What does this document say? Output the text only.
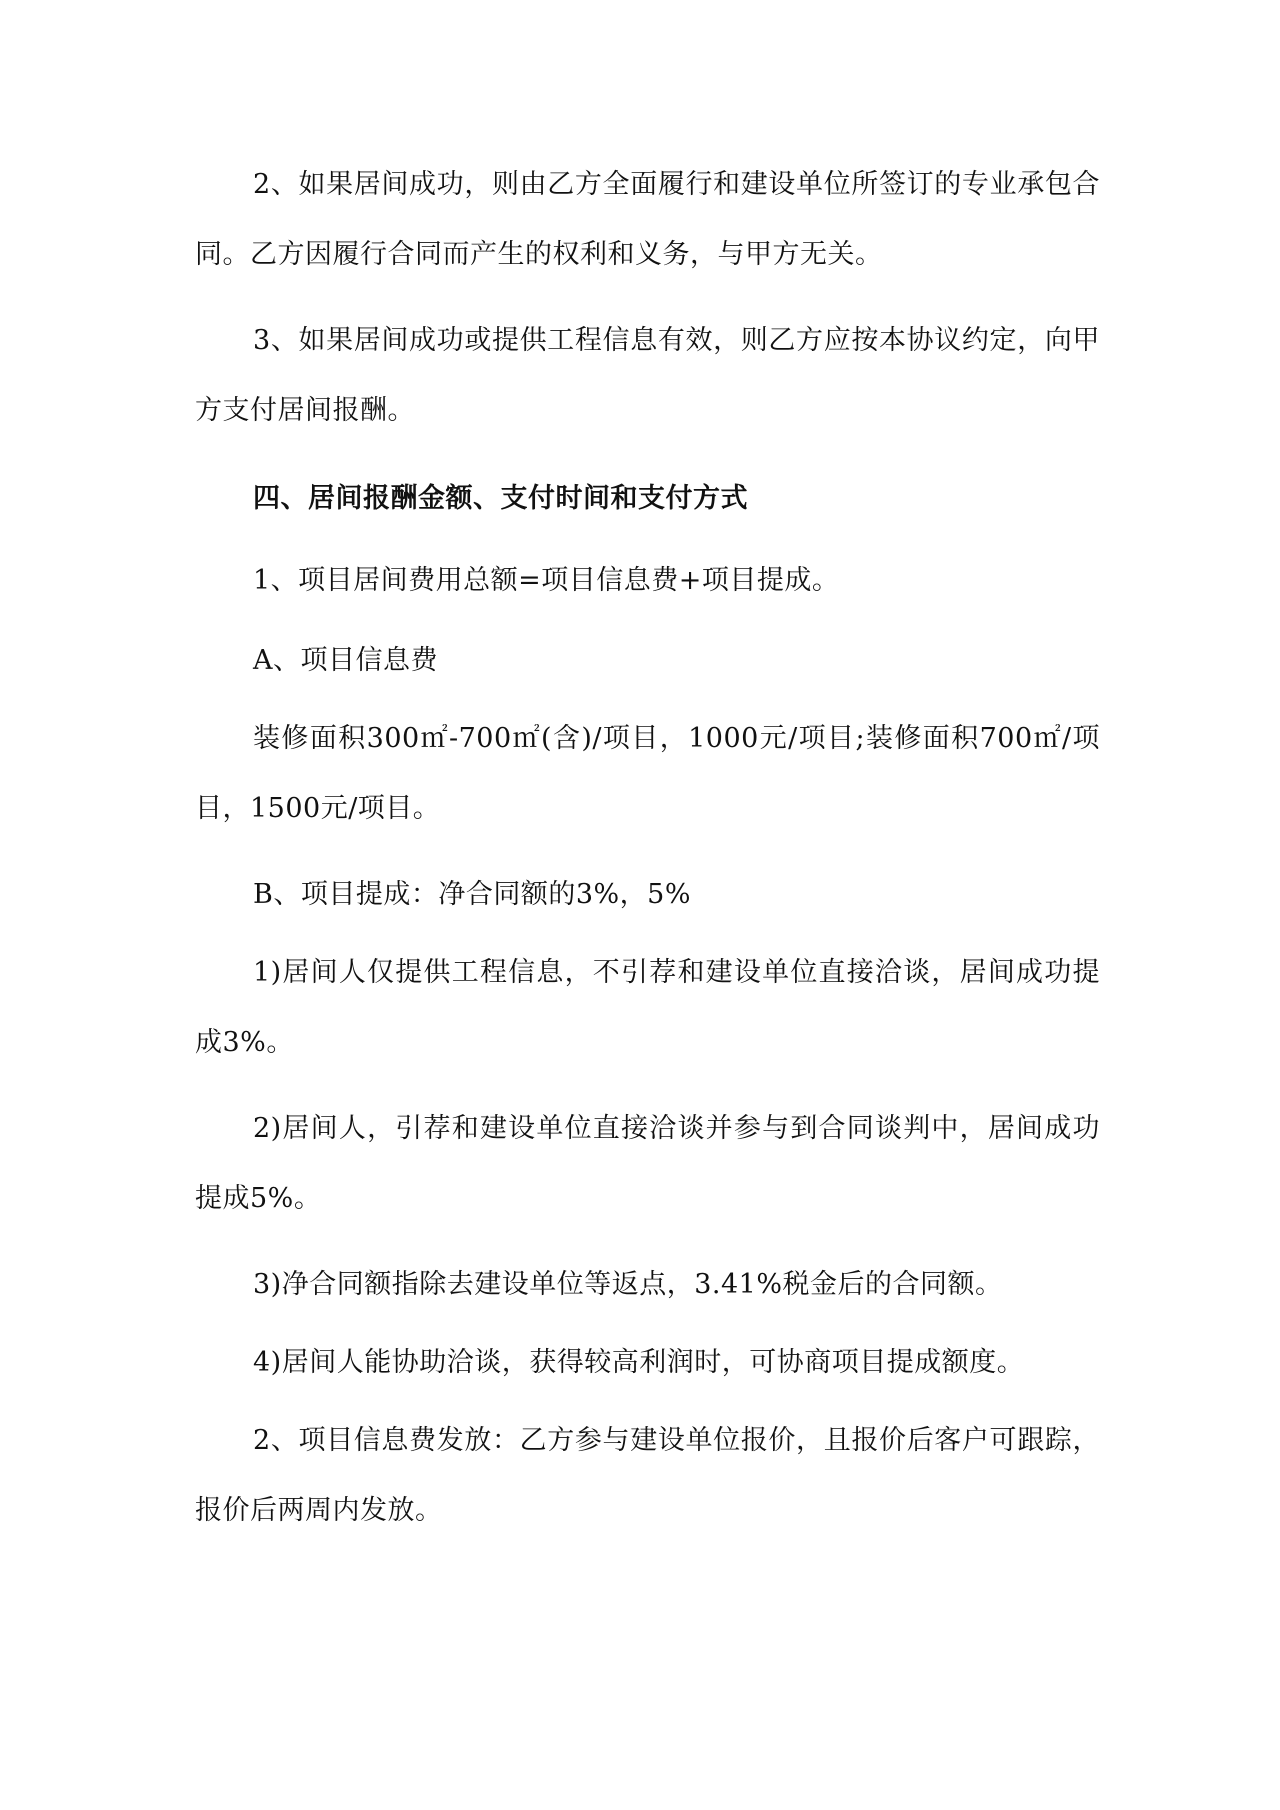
2、如果居间成功，则由乙方全面履行和建设单位所签订的专业承包合同。乙方因履行合同而产生的权利和义务，与甲方无关。

3、如果居间成功或提供工程信息有效，则乙方应按本协议约定，向甲方支付居间报酬。

四、居间报酬金额、支付时间和支付方式

1、项目居间费用总额=项目信息费+项目提成。

A、项目信息费

装修面积300㎡-700㎡(含)/项目，1000元/项目;装修面积700㎡/项目，1500元/项目。

B、项目提成：净合同额的3%，5%

1)居间人仅提供工程信息，不引荐和建设单位直接洽谈，居间成功提成3%。

2)居间人，引荐和建设单位直接洽谈并参与到合同谈判中，居间成功提成5%。

3)净合同额指除去建设单位等返点，3.41%税金后的合同额。

4)居间人能协助洽谈，获得较高利润时，可协商项目提成额度。

2、项目信息费发放：乙方参与建设单位报价，且报价后客户可跟踪，报价后两周内发放。
